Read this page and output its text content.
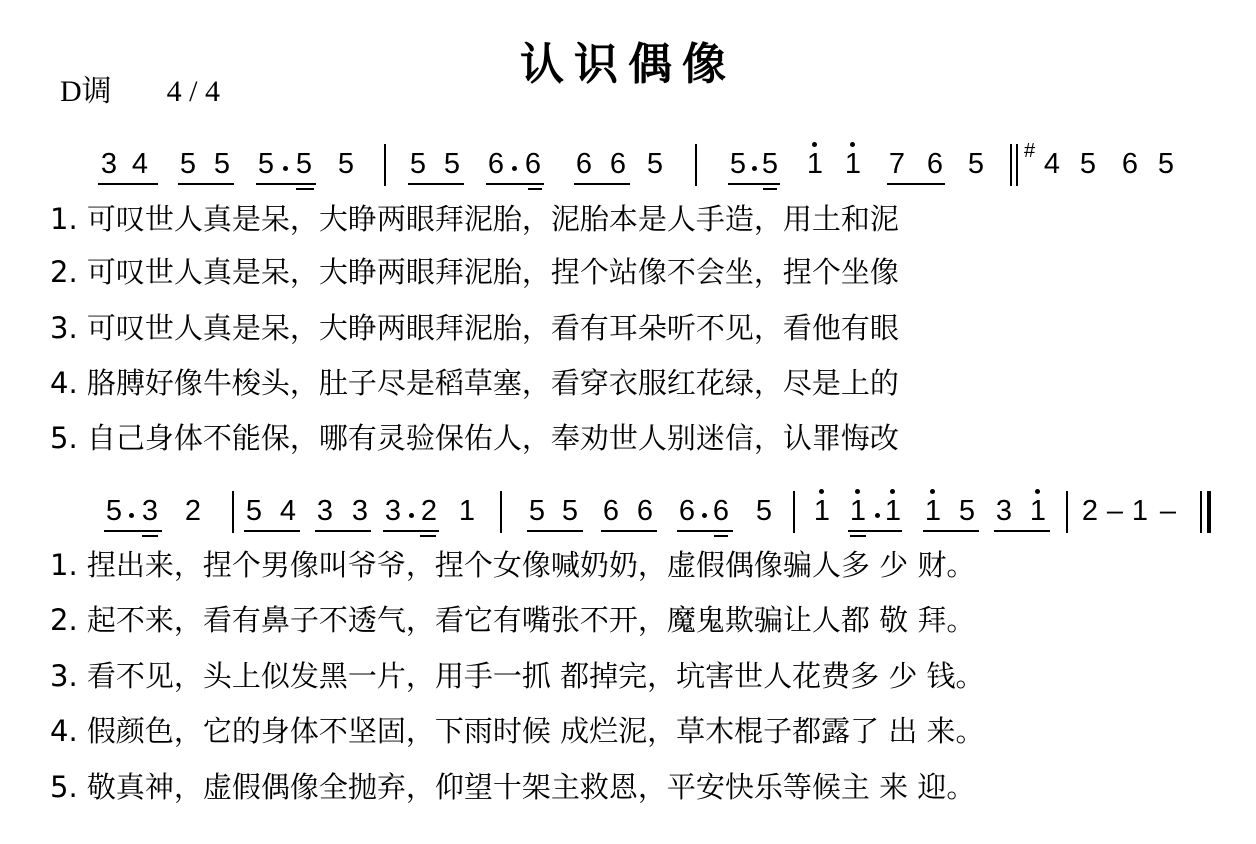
认识偶像
D调 4 / 4
3 4 5 5 5 5 5 5 5 6 6 6 6 5 5 5 1 1 7 6 5 4 5 6 5
#
5 3 2 5 4 3 3 3 2 1 5 5 6 6 6 6 5 1 1 1 1 5 3 1 2 – 1 –
1. 可叹世人真是呆，大睁两眼拜泥胎，泥胎本是人手造，用土和泥
2. 可叹世人真是呆，大睁两眼拜泥胎，捏个站像不会坐，捏个坐像
3. 可叹世人真是呆，大睁两眼拜泥胎，看有耳朵听不见，看他有眼
4. 胳膊好像牛梭头，肚子尽是稻草塞，看穿衣服红花绿，尽是上的
5. 自己身体不能保，哪有灵验保佑人，奉劝世人别迷信，认罪悔改
1. 捏出来，捏个男像叫爷爷，捏个女像喊奶奶，虚假偶像骗人多 少 财。
2. 起不来，看有鼻子不透气，看它有嘴张不开，魔鬼欺骗让人都 敬 拜。
3. 看不见，头上似发黑一片，用手一抓 都掉完，坑害世人花费多 少 钱。
4. 假颜色，它的身体不坚固，下雨时候 成烂泥，草木棍子都露了 出 来。
5. 敬真神，虚假偶像全抛弃，仰望十架主救恩，平安快乐等候主 来 迎。
